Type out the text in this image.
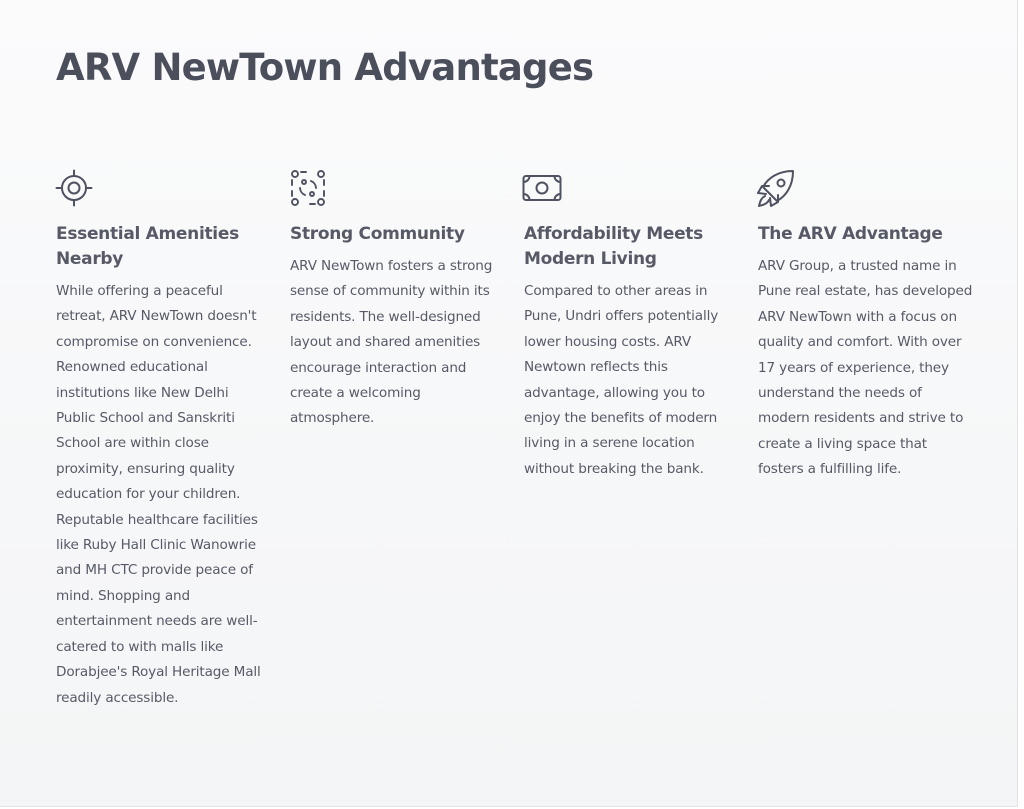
ARV NewTown Advantages
Essential Amenities Nearby

While offering a peaceful retreat, ARV NewTown doesn't compromise on convenience. Renowned educational institutions like New Delhi Public School and Sanskriti School are within close proximity, ensuring quality education for your children. Reputable healthcare facilities like Ruby Hall Clinic Wanowrie and MH CTC provide peace of mind. Shopping and entertainment needs are well-catered to with malls like Dorabjee's Royal Heritage Mall readily accessible.

Strong Community

ARV NewTown fosters a strong sense of community within its residents. The well-designed layout and shared amenities encourage interaction and create a welcoming atmosphere.

Affordability Meets Modern Living

Compared to other areas in Pune, Undri offers potentially lower housing costs. ARV Newtown reflects this advantage, allowing you to enjoy the benefits of modern living in a serene location without breaking the bank.

The ARV Advantage

ARV Group, a trusted name in Pune real estate, has developed ARV NewTown with a focus on quality and comfort. With over 17 years of experience, they understand the needs of modern residents and strive to create a living space that fosters a fulfilling life.
